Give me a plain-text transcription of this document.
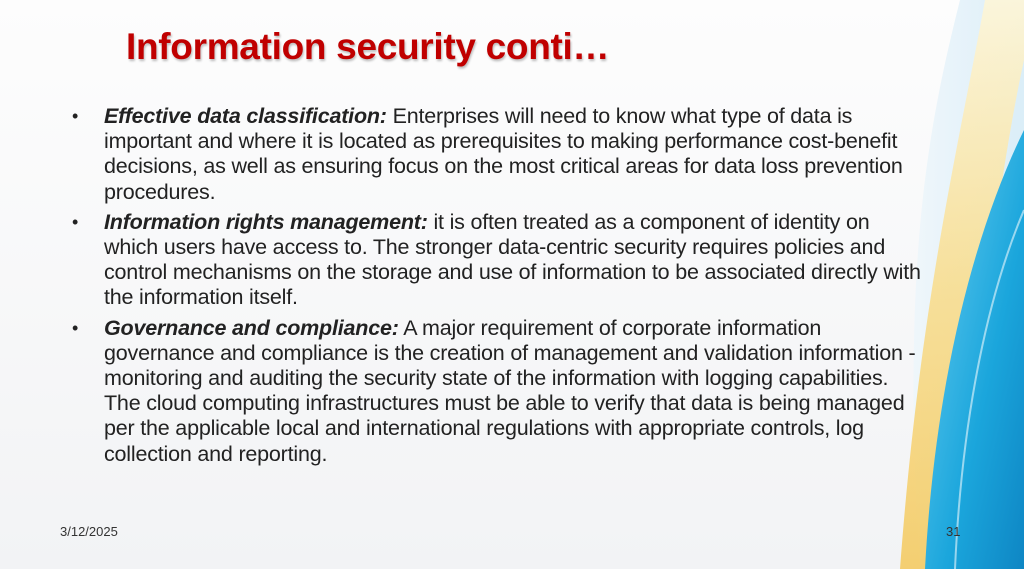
Information security conti…
•	Effective data classification: Enterprises will need to know what type of data is important and where it is located as prerequisites to making performance cost-benefit decisions, as well as ensuring focus on the most critical areas for data loss prevention procedures.
•	Information rights management: it is often treated as a component of identity on which users have access to. The stronger data-centric security requires policies and control mechanisms on the storage and use of information to be associated directly with the information itself.
•	Governance and compliance: A major requirement of corporate information governance and compliance is the creation of management and validation information - monitoring and auditing the security state of the information with logging capabilities. The cloud computing infrastructures must be able to verify that data is being managed per the applicable local and international regulations with appropriate controls, log collection and reporting.
3/12/2025	31
